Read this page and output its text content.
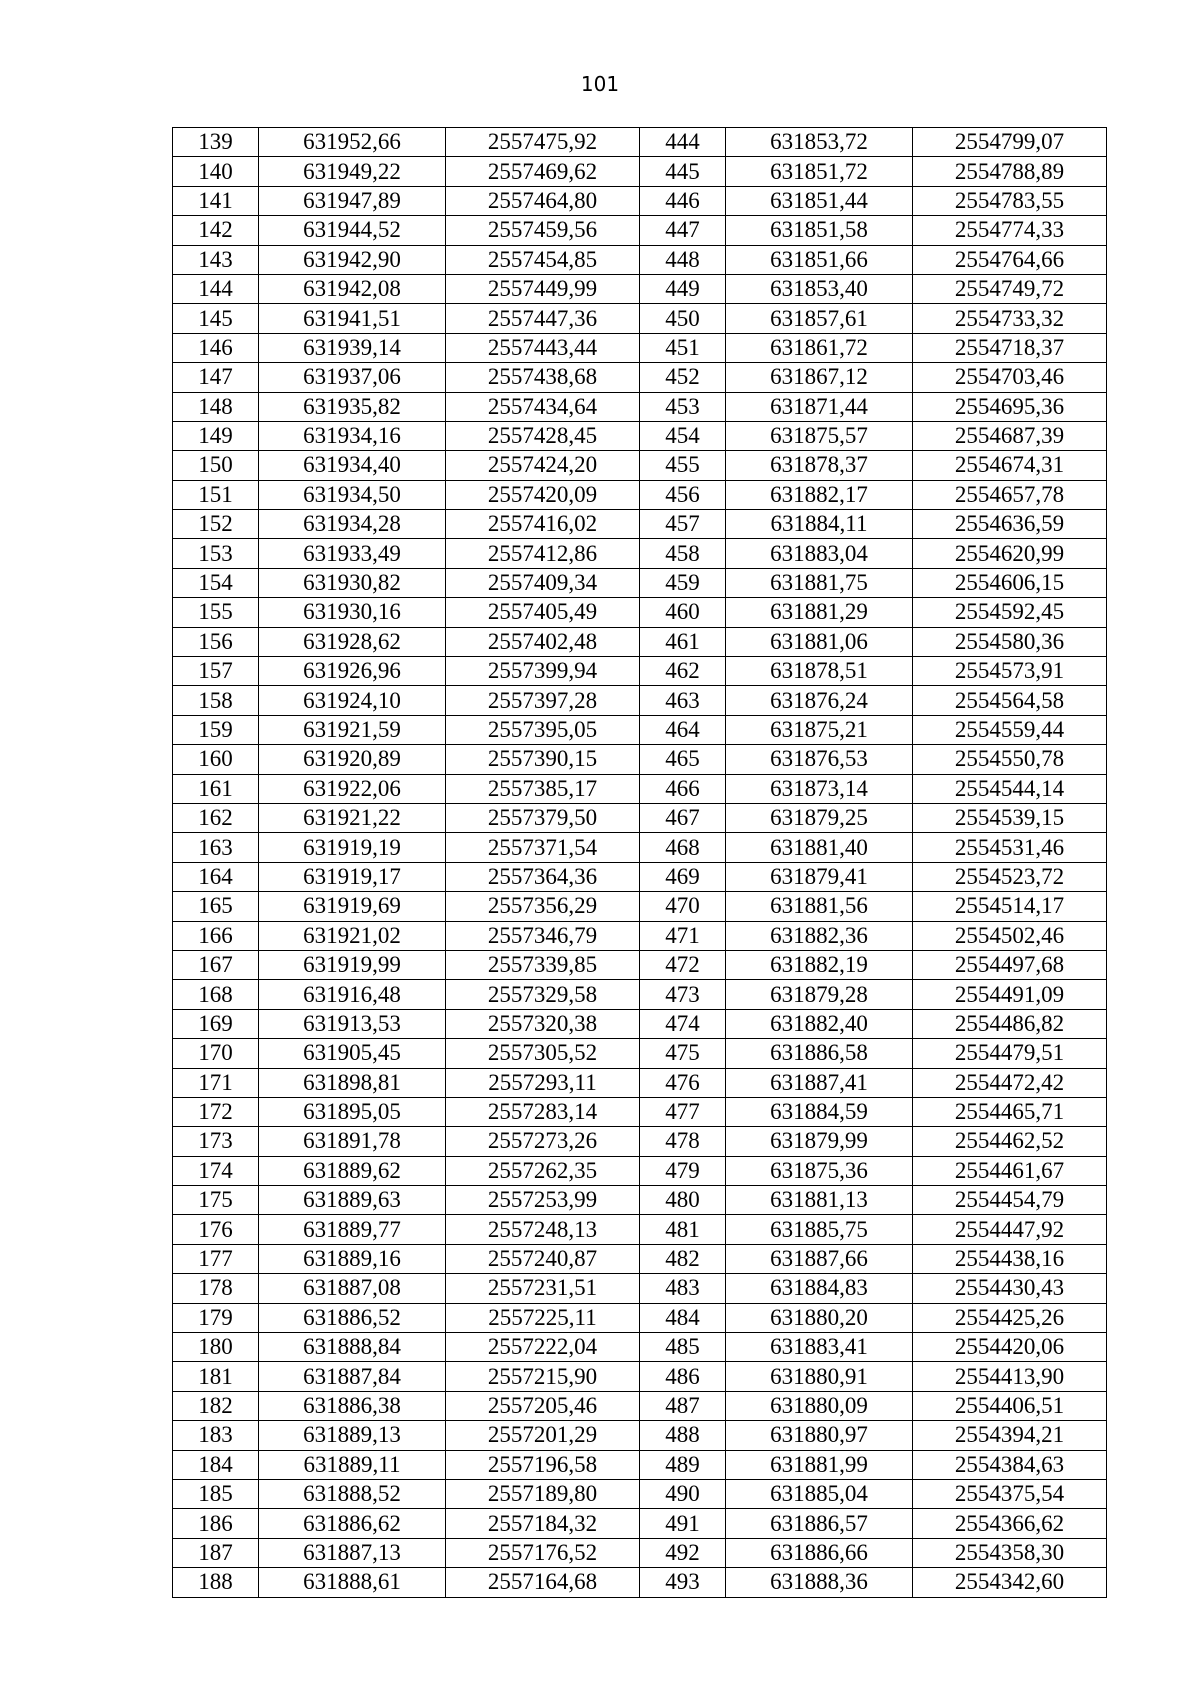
101
139	631952,66	2557475,92	444	631853,72	2554799,07
140	631949,22	2557469,62	445	631851,72	2554788,89
141	631947,89	2557464,80	446	631851,44	2554783,55
142	631944,52	2557459,56	447	631851,58	2554774,33
143	631942,90	2557454,85	448	631851,66	2554764,66
144	631942,08	2557449,99	449	631853,40	2554749,72
145	631941,51	2557447,36	450	631857,61	2554733,32
146	631939,14	2557443,44	451	631861,72	2554718,37
147	631937,06	2557438,68	452	631867,12	2554703,46
148	631935,82	2557434,64	453	631871,44	2554695,36
149	631934,16	2557428,45	454	631875,57	2554687,39
150	631934,40	2557424,20	455	631878,37	2554674,31
151	631934,50	2557420,09	456	631882,17	2554657,78
152	631934,28	2557416,02	457	631884,11	2554636,59
153	631933,49	2557412,86	458	631883,04	2554620,99
154	631930,82	2557409,34	459	631881,75	2554606,15
155	631930,16	2557405,49	460	631881,29	2554592,45
156	631928,62	2557402,48	461	631881,06	2554580,36
157	631926,96	2557399,94	462	631878,51	2554573,91
158	631924,10	2557397,28	463	631876,24	2554564,58
159	631921,59	2557395,05	464	631875,21	2554559,44
160	631920,89	2557390,15	465	631876,53	2554550,78
161	631922,06	2557385,17	466	631873,14	2554544,14
162	631921,22	2557379,50	467	631879,25	2554539,15
163	631919,19	2557371,54	468	631881,40	2554531,46
164	631919,17	2557364,36	469	631879,41	2554523,72
165	631919,69	2557356,29	470	631881,56	2554514,17
166	631921,02	2557346,79	471	631882,36	2554502,46
167	631919,99	2557339,85	472	631882,19	2554497,68
168	631916,48	2557329,58	473	631879,28	2554491,09
169	631913,53	2557320,38	474	631882,40	2554486,82
170	631905,45	2557305,52	475	631886,58	2554479,51
171	631898,81	2557293,11	476	631887,41	2554472,42
172	631895,05	2557283,14	477	631884,59	2554465,71
173	631891,78	2557273,26	478	631879,99	2554462,52
174	631889,62	2557262,35	479	631875,36	2554461,67
175	631889,63	2557253,99	480	631881,13	2554454,79
176	631889,77	2557248,13	481	631885,75	2554447,92
177	631889,16	2557240,87	482	631887,66	2554438,16
178	631887,08	2557231,51	483	631884,83	2554430,43
179	631886,52	2557225,11	484	631880,20	2554425,26
180	631888,84	2557222,04	485	631883,41	2554420,06
181	631887,84	2557215,90	486	631880,91	2554413,90
182	631886,38	2557205,46	487	631880,09	2554406,51
183	631889,13	2557201,29	488	631880,97	2554394,21
184	631889,11	2557196,58	489	631881,99	2554384,63
185	631888,52	2557189,80	490	631885,04	2554375,54
186	631886,62	2557184,32	491	631886,57	2554366,62
187	631887,13	2557176,52	492	631886,66	2554358,30
188	631888,61	2557164,68	493	631888,36	2554342,60
